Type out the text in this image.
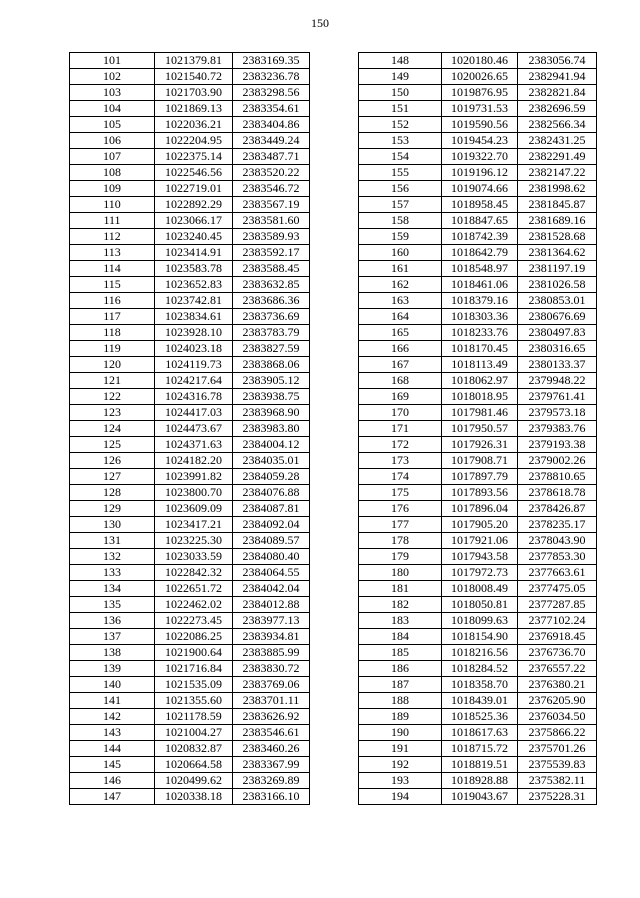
150
101	1021379.81	2383169.35
102	1021540.72	2383236.78
103	1021703.90	2383298.56
104	1021869.13	2383354.61
105	1022036.21	2383404.86
106	1022204.95	2383449.24
107	1022375.14	2383487.71
108	1022546.56	2383520.22
109	1022719.01	2383546.72
110	1022892.29	2383567.19
111	1023066.17	2383581.60
112	1023240.45	2383589.93
113	1023414.91	2383592.17
114	1023583.78	2383588.45
115	1023652.83	2383632.85
116	1023742.81	2383686.36
117	1023834.61	2383736.69
118	1023928.10	2383783.79
119	1024023.18	2383827.59
120	1024119.73	2383868.06
121	1024217.64	2383905.12
122	1024316.78	2383938.75
123	1024417.03	2383968.90
124	1024473.67	2383983.80
125	1024371.63	2384004.12
126	1024182.20	2384035.01
127	1023991.82	2384059.28
128	1023800.70	2384076.88
129	1023609.09	2384087.81
130	1023417.21	2384092.04
131	1023225.30	2384089.57
132	1023033.59	2384080.40
133	1022842.32	2384064.55
134	1022651.72	2384042.04
135	1022462.02	2384012.88
136	1022273.45	2383977.13
137	1022086.25	2383934.81
138	1021900.64	2383885.99
139	1021716.84	2383830.72
140	1021535.09	2383769.06
141	1021355.60	2383701.11
142	1021178.59	2383626.92
143	1021004.27	2383546.61
144	1020832.87	2383460.26
145	1020664.58	2383367.99
146	1020499.62	2383269.89
147	1020338.18	2383166.10
148	1020180.46	2383056.74
149	1020026.65	2382941.94
150	1019876.95	2382821.84
151	1019731.53	2382696.59
152	1019590.56	2382566.34
153	1019454.23	2382431.25
154	1019322.70	2382291.49
155	1019196.12	2382147.22
156	1019074.66	2381998.62
157	1018958.45	2381845.87
158	1018847.65	2381689.16
159	1018742.39	2381528.68
160	1018642.79	2381364.62
161	1018548.97	2381197.19
162	1018461.06	2381026.58
163	1018379.16	2380853.01
164	1018303.36	2380676.69
165	1018233.76	2380497.83
166	1018170.45	2380316.65
167	1018113.49	2380133.37
168	1018062.97	2379948.22
169	1018018.95	2379761.41
170	1017981.46	2379573.18
171	1017950.57	2379383.76
172	1017926.31	2379193.38
173	1017908.71	2379002.26
174	1017897.79	2378810.65
175	1017893.56	2378618.78
176	1017896.04	2378426.87
177	1017905.20	2378235.17
178	1017921.06	2378043.90
179	1017943.58	2377853.30
180	1017972.73	2377663.61
181	1018008.49	2377475.05
182	1018050.81	2377287.85
183	1018099.63	2377102.24
184	1018154.90	2376918.45
185	1018216.56	2376736.70
186	1018284.52	2376557.22
187	1018358.70	2376380.21
188	1018439.01	2376205.90
189	1018525.36	2376034.50
190	1018617.63	2375866.22
191	1018715.72	2375701.26
192	1018819.51	2375539.83
193	1018928.88	2375382.11
194	1019043.67	2375228.31
